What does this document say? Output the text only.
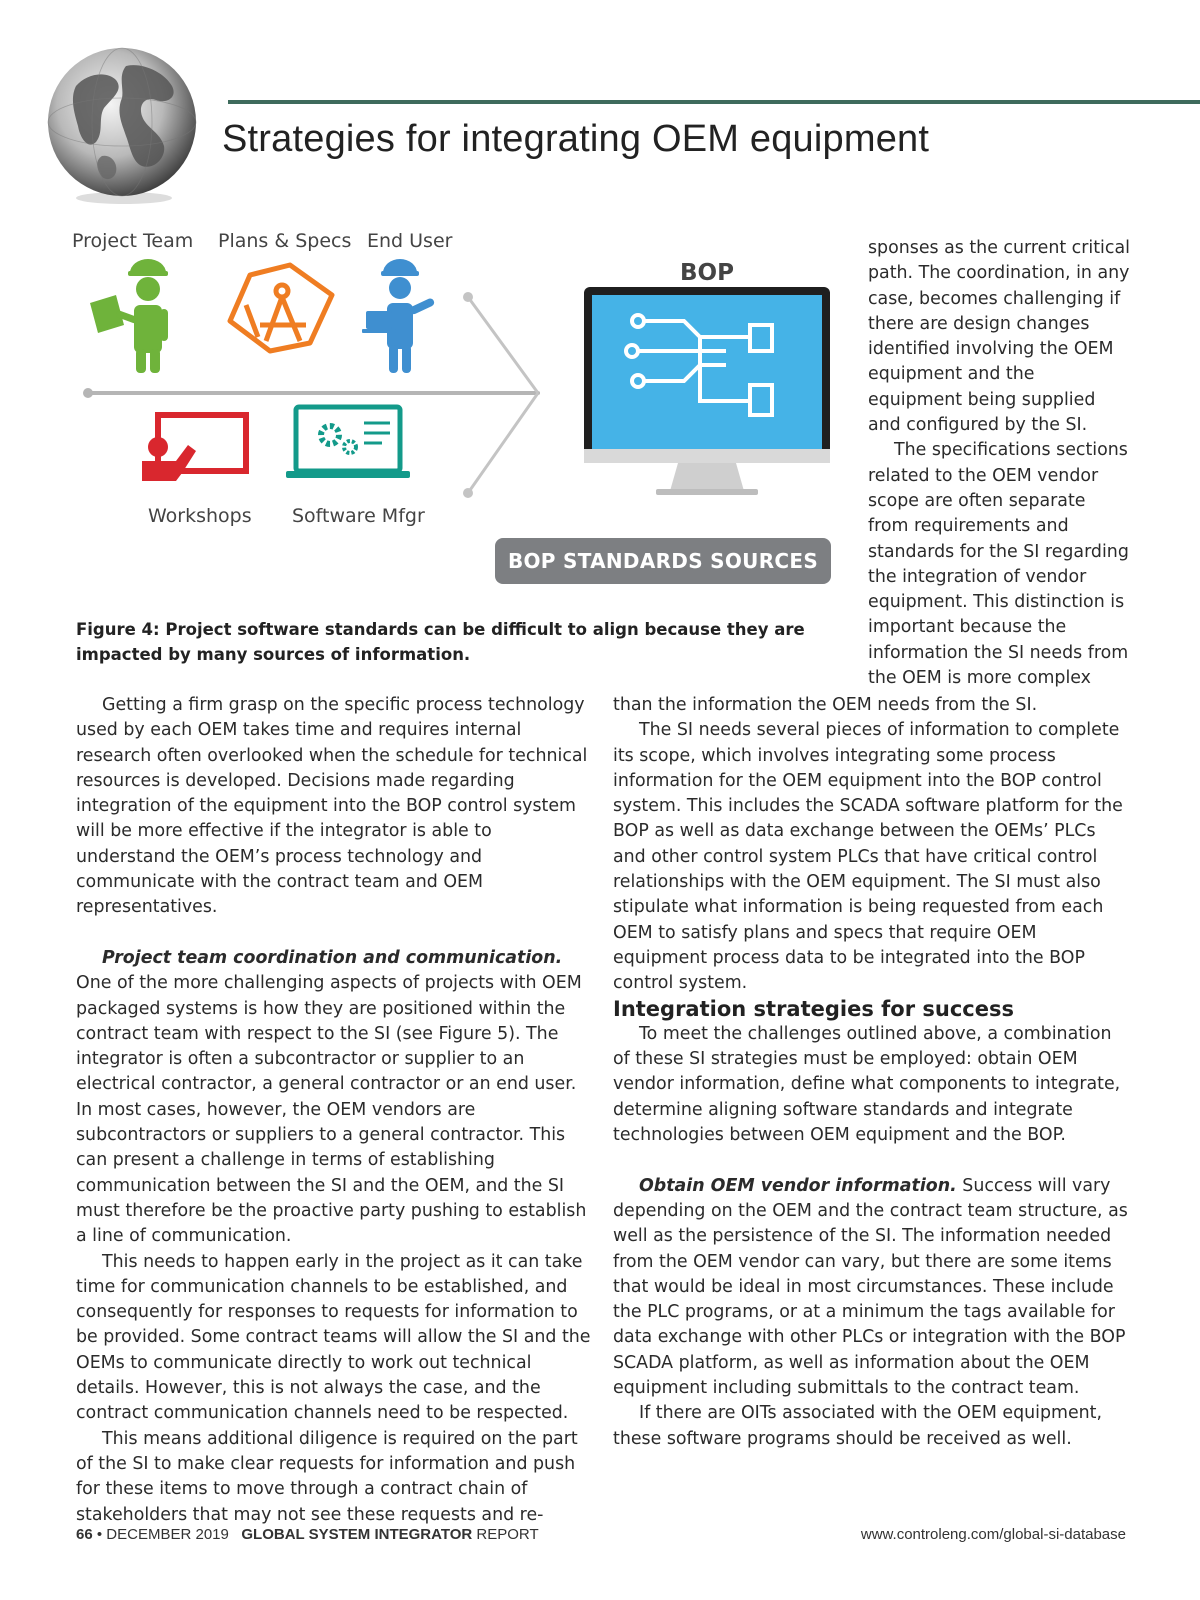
Strategies for integrating OEM equipment
Project Team Plans & Specs End User
Workshops Software Mfgr
BOP
BOP STANDARDS SOURCES
Figure 4: Project software standards can be difficult to align because they are impacted by many sources of information.

sponses as the current critical path. The coordination, in any case, becomes challenging if there are design changes identified involving the OEM equipment and the equipment being supplied and configured by the SI.

The specifications sections related to the OEM vendor scope are often separate from requirements and standards for the SI regarding the integration of vendor equipment. This distinction is important because the information the SI needs from the OEM is more complex

Getting a firm grasp on the specific process technology used by each OEM takes time and requires internal research often overlooked when the schedule for technical resources is developed. Decisions made regarding integration of the equipment into the BOP control system will be more effective if the integrator is able to understand the OEM’s process technology and communicate with the contract team and OEM representatives.

Project team coordination and communication. One of the more challenging aspects of projects with OEM packaged systems is how they are positioned within the contract team with respect to the SI (see Figure 5). The integrator is often a subcontractor or supplier to an electrical contractor, a general contractor or an end user. In most cases, however, the OEM vendors are subcontractors or suppliers to a general contractor. This can present a challenge in terms of establishing communication between the SI and the OEM, and the SI must therefore be the proactive party pushing to establish a line of communication.

This needs to happen early in the project as it can take time for communication channels to be established, and consequently for responses to requests for information to be provided. Some contract teams will allow the SI and the OEMs to communicate directly to work out technical details. However, this is not always the case, and the contract communication channels need to be respected.

This means additional diligence is required on the part of the SI to make clear requests for information and push for these items to move through a contract chain of stakeholders that may not see these requests and re-

than the information the OEM needs from the SI.

The SI needs several pieces of information to complete its scope, which involves integrating some process information for the OEM equipment into the BOP control system. This includes the SCADA software platform for the BOP as well as data exchange between the OEMs’ PLCs and other control system PLCs that have critical control relationships with the OEM equipment. The SI must also stipulate what information is being requested from each OEM to satisfy plans and specs that require OEM equipment process data to be integrated into the BOP control system.

Integration strategies for success

To meet the challenges outlined above, a combination of these SI strategies must be employed: obtain OEM vendor information, define what components to integrate, determine aligning software standards and integrate technologies between OEM equipment and the BOP.

Obtain OEM vendor information. Success will vary depending on the OEM and the contract team structure, as well as the persistence of the SI. The information needed from the OEM vendor can vary, but there are some items that would be ideal in most circumstances. These include the PLC programs, or at a minimum the tags available for data exchange with other PLCs or integration with the BOP SCADA platform, as well as information about the OEM equipment including submittals to the contract team.

If there are OITs associated with the OEM equipment, these software programs should be received as well.

66 • DECEMBER 2019 GLOBAL SYSTEM INTEGRATOR REPORT	www.controleng.com/global-si-database
